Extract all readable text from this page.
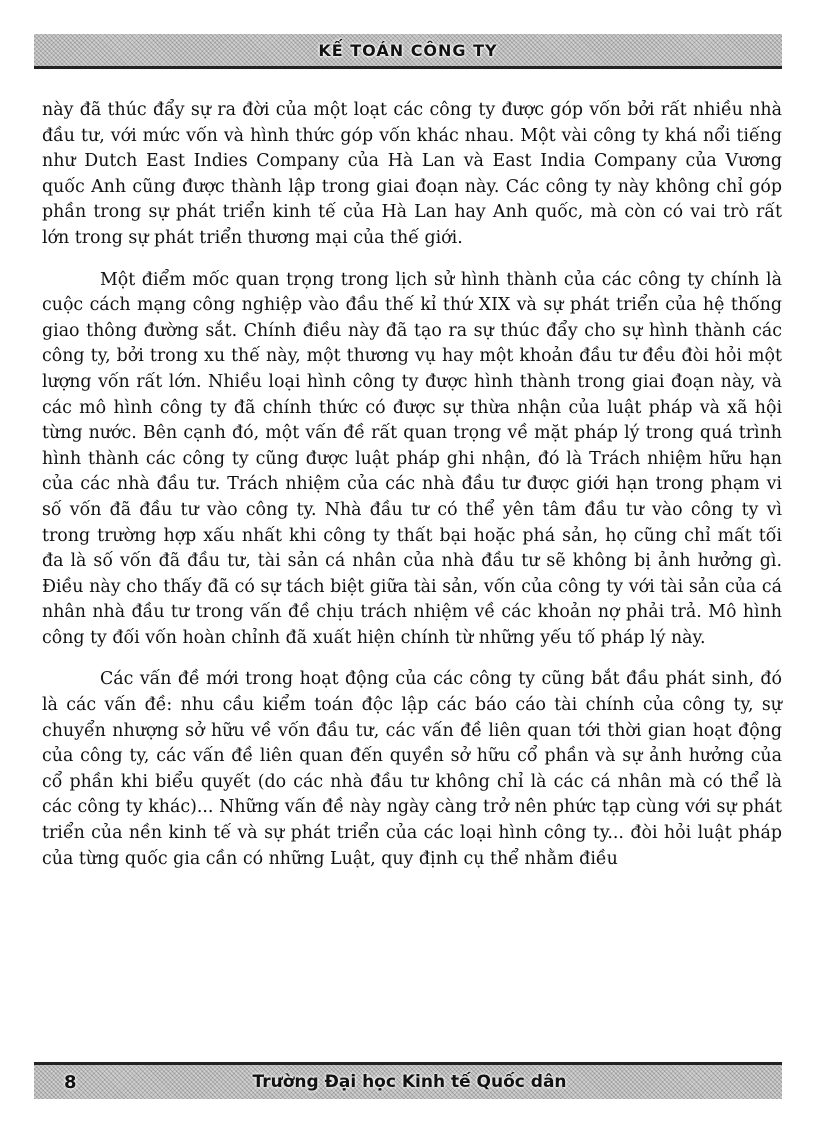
KẾ TOÁN CÔNG TY

này đã thúc đẩy sự ra đời của một loạt các công ty được góp vốn bởi rất nhiều nhà đầu tư, với mức vốn và hình thức góp vốn khác nhau. Một vài công ty khá nổi tiếng như Dutch East Indies Company của Hà Lan và East India Company của Vương quốc Anh cũng được thành lập trong giai đoạn này. Các công ty này không chỉ góp phần trong sự phát triển kinh tế của Hà Lan hay Anh quốc, mà còn có vai trò rất lớn trong sự phát triển thương mại của thế giới.

Một điểm mốc quan trọng trong lịch sử hình thành của các công ty chính là cuộc cách mạng công nghiệp vào đầu thế kỉ thứ XIX và sự phát triển của hệ thống giao thông đường sắt. Chính điều này đã tạo ra sự thúc đẩy cho sự hình thành các công ty, bởi trong xu thế này, một thương vụ hay một khoản đầu tư đều đòi hỏi một lượng vốn rất lớn. Nhiều loại hình công ty được hình thành trong giai đoạn này, và các mô hình công ty đã chính thức có được sự thừa nhận của luật pháp và xã hội từng nước. Bên cạnh đó, một vấn đề rất quan trọng về mặt pháp lý trong quá trình hình thành các công ty cũng được luật pháp ghi nhận, đó là Trách nhiệm hữu hạn của các nhà đầu tư. Trách nhiệm của các nhà đầu tư được giới hạn trong phạm vi số vốn đã đầu tư vào công ty. Nhà đầu tư có thể yên tâm đầu tư vào công ty vì trong trường hợp xấu nhất khi công ty thất bại hoặc phá sản, họ cũng chỉ mất tối đa là số vốn đã đầu tư, tài sản cá nhân của nhà đầu tư sẽ không bị ảnh hưởng gì. Điều này cho thấy đã có sự tách biệt giữa tài sản, vốn của công ty với tài sản của cá nhân nhà đầu tư trong vấn đề chịu trách nhiệm về các khoản nợ phải trả. Mô hình công ty đối vốn hoàn chỉnh đã xuất hiện chính từ những yếu tố pháp lý này.

Các vấn đề mới trong hoạt động của các công ty cũng bắt đầu phát sinh, đó là các vấn đề: nhu cầu kiểm toán độc lập các báo cáo tài chính của công ty, sự chuyển nhượng sở hữu về vốn đầu tư, các vấn đề liên quan tới thời gian hoạt động của công ty, các vấn đề liên quan đến quyền sở hữu cổ phần và sự ảnh hưởng của cổ phần khi biểu quyết (do các nhà đầu tư không chỉ là các cá nhân mà có thể là các công ty khác)... Những vấn đề này ngày càng trở nên phức tạp cùng với sự phát triển của nền kinh tế và sự phát triển của các loại hình công ty... đòi hỏi luật pháp của từng quốc gia cần có những Luật, quy định cụ thể nhằm điều

8	Trường Đại học Kinh tế Quốc dân
